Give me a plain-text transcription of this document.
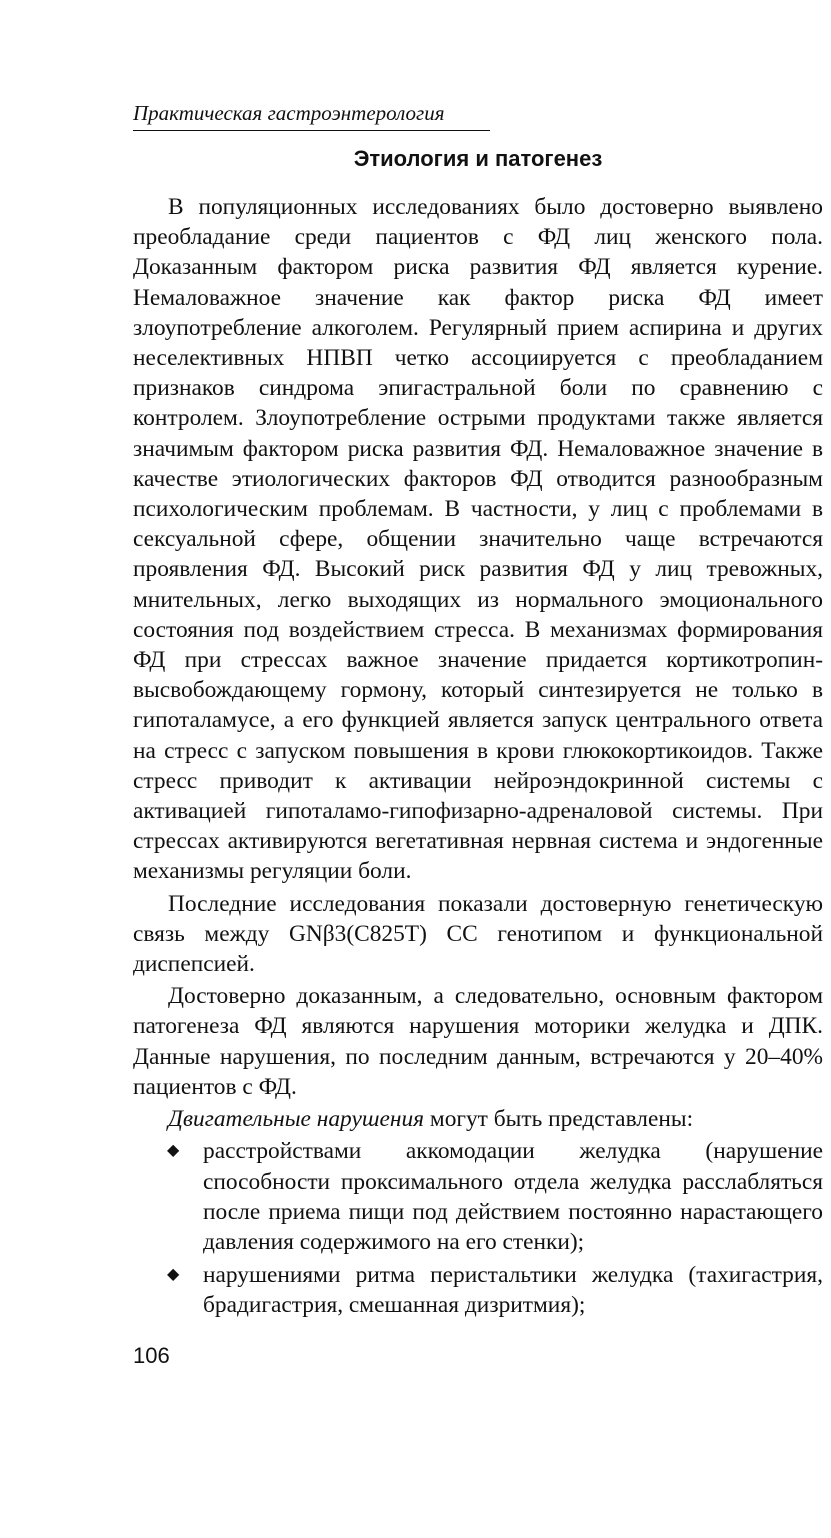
Практическая гастроэнтерология
Этиология и патогенез

В популяционных исследованиях было достоверно выявлено преобладание среди пациентов с ФД лиц женского пола. Доказанным фактором риска развития ФД является курение. Немаловажное значение как фактор риска ФД имеет злоупотребление алкоголем. Регулярный прием аспирина и других неселективных НПВП четко ассоциируется с преобладанием признаков синдрома эпигастральной боли по сравнению с контролем. Злоупотребление острыми продуктами также является значимым фактором риска развития ФД. Немаловажное значение в качестве этиологических факторов ФД отводится разнообразным психологическим проблемам. В частности, у лиц с проблемами в сексуальной сфере, общении значительно чаще встречаются проявления ФД. Высокий риск развития ФД у лиц тревожных, мнительных, легко выходящих из нормального эмоционального состояния под воздействием стресса. В механизмах формирования ФД при стрессах важное значение придается кортикотропин-высвобождающему гормону, который синтезируется не только в гипоталамусе, а его функцией является запуск центрального ответа на стресс с запуском повышения в крови глюкокортикоидов. Также стресс приводит к активации нейроэндокринной системы с активацией гипоталамо-гипофизарно-адреналовой системы. При стрессах активируются вегетативная нервная система и эндогенные механизмы регуляции боли.

Последние исследования показали достоверную генетическую связь между GNβ3(C825T) CC генотипом и функциональной диспепсией.

Достоверно доказанным, а следовательно, основным фактором патогенеза ФД являются нарушения моторики желудка и ДПК. Данные нарушения, по последним данным, встречаются у 20–40% пациентов с ФД.

Двигательные нарушения могут быть представлены:

◆ расстройствами аккомодации желудка (нарушение способности проксимального отдела желудка расслабляться после приема пищи под действием постоянно нарастающего давления содержимого на его стенки);
◆ нарушениями ритма перистальтики желудка (тахигастрия, брадигастрия, смешанная дизритмия);
106
